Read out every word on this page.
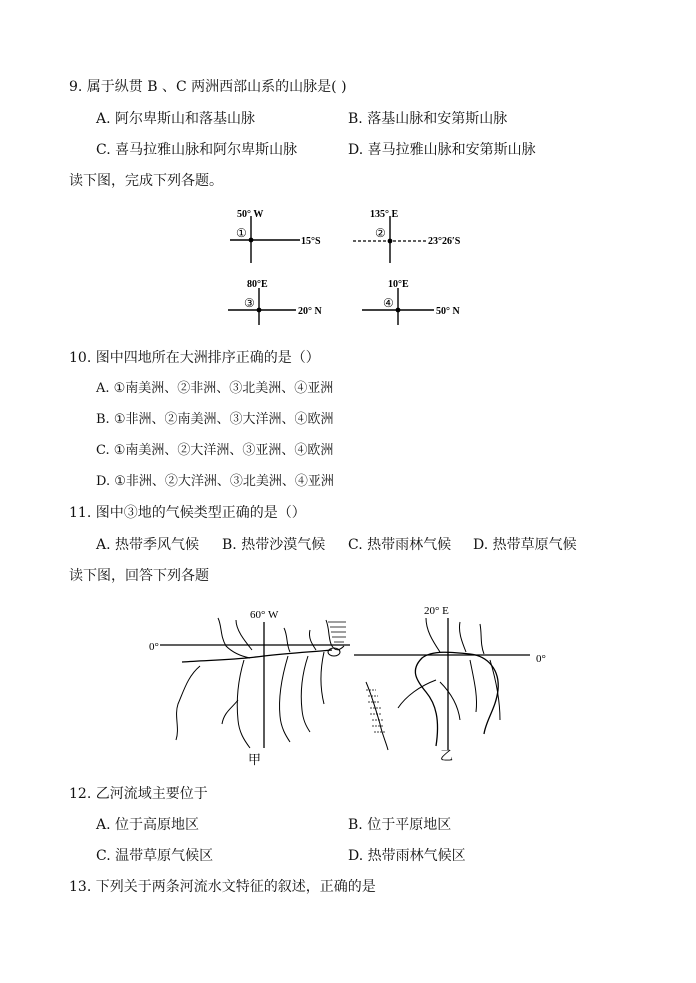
9. 属于纵贯 B 、C 两洲西部山系的山脉是( )
A. 阿尔卑斯山和落基山脉	B. 落基山脉和安第斯山脉
C. 喜马拉雅山脉和阿尔卑斯山脉	D. 喜马拉雅山脉和安第斯山脉
读下图，完成下列各题。
50° W
①
15°S
135° E
②
23°26′S
80°E
③
20° N
10°E
④
50° N
10. 图中四地所在大洲排序正确的是（）
A. ①南美洲、②非洲、③北美洲、④亚洲
B. ①非洲、②南美洲、③大洋洲、④欧洲
C. ①南美洲、②大洋洲、③亚洲、④欧洲
D. ①非洲、②大洋洲、③北美洲、④亚洲
11. 图中③地的气候类型正确的是（）
A. 热带季风气候 B. 热带沙漠气候 C. 热带雨林气候 D. 热带草原气候
读下图，回答下列各题
60° W
0°
甲
20° E
0°
乙
12. 乙河流域主要位于
A. 位于高原地区	B. 位于平原地区
C. 温带草原气候区	D. 热带雨林气候区
13. 下列关于两条河流水文特征的叙述，正确的是
